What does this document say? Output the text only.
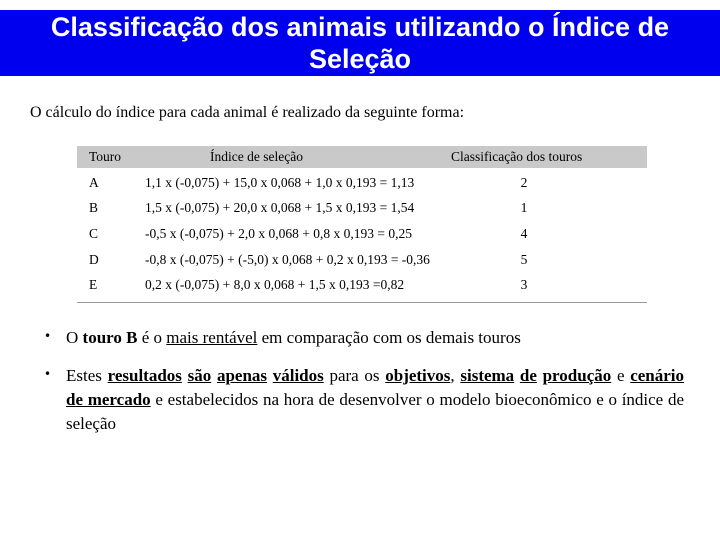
Classificação dos animais utilizando o Índice de Seleção
O cálculo do índice para cada animal é realizado da seguinte forma:
Touro	Índice de seleção	Classificação dos touros
A	1,1 x (-0,075) + 15,0 x 0,068 + 1,0 x 0,193 = 1,13	2
B	1,5 x (-0,075) + 20,0 x 0,068 + 1,5 x 0,193 = 1,54	1
C	-0,5 x (-0,075) + 2,0 x 0,068 + 0,8 x 0,193 = 0,25	4
D	-0,8 x (-0,075) + (-5,0) x 0,068 + 0,2 x 0,193 = -0,36	5
E	0,2 x (-0,075) + 8,0 x 0,068 + 1,5 x 0,193 =0,82	3
• O touro B é o mais rentável em comparação com os demais touros
• Estes resultados são apenas válidos para os objetivos, sistema de produção e cenário de mercado e estabelecidos na hora de desenvolver o modelo bioeconômico e o índice de seleção
